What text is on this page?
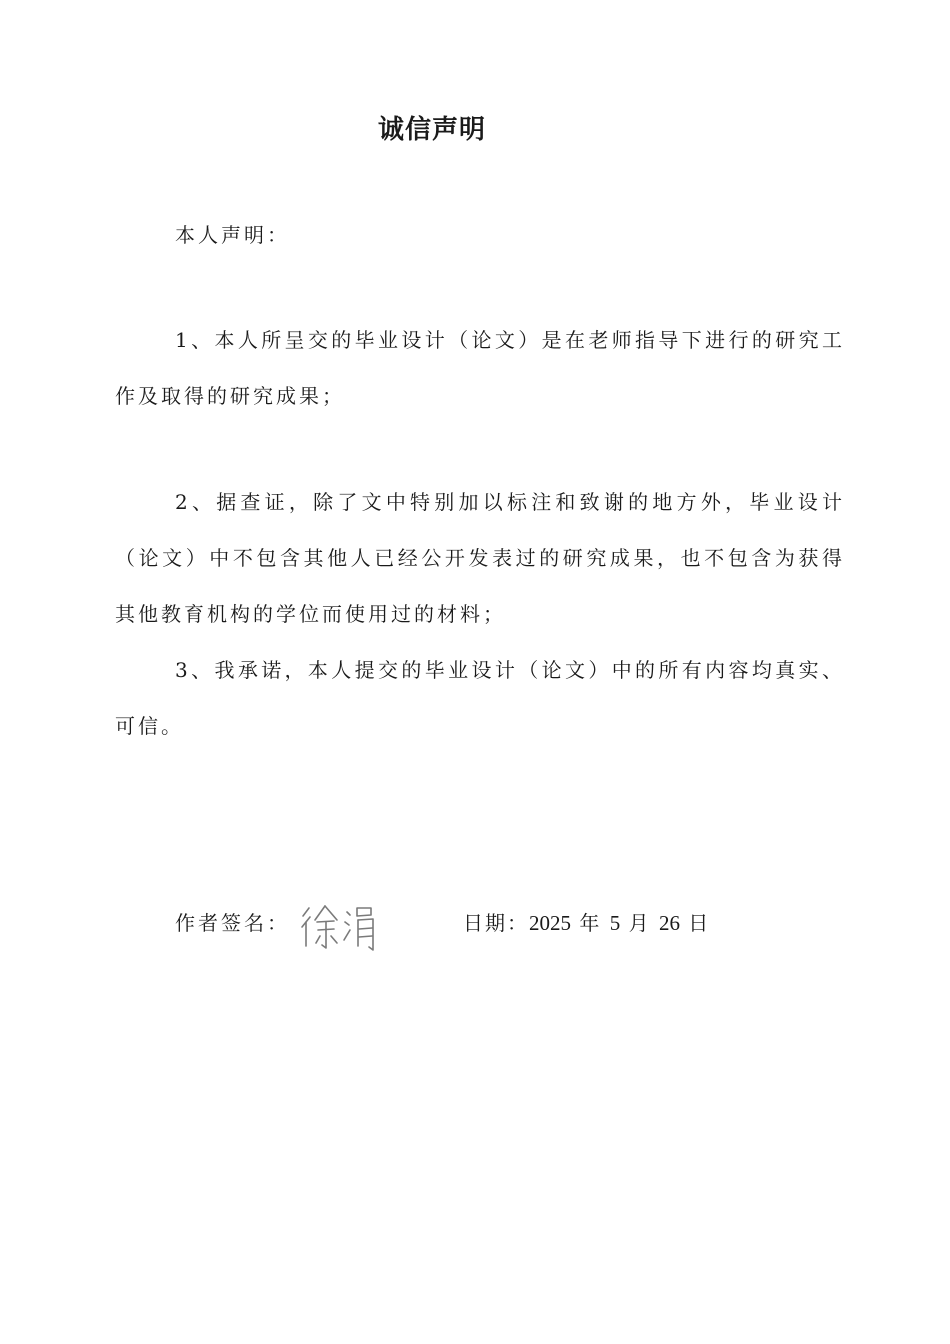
诚信声明
本人声明：
1、本人所呈交的毕业设计（论文）是在老师指导下进行的研究工作及取得的研究成果；
2、据查证，除了文中特别加以标注和致谢的地方外，毕业设计（论文）中不包含其他人已经公开发表过的研究成果，也不包含为获得其他教育机构的学位而使用过的材料；
3、我承诺，本人提交的毕业设计（论文）中的所有内容均真实、可信。
作者签名：	日期：2025 年 5 月 26 日
